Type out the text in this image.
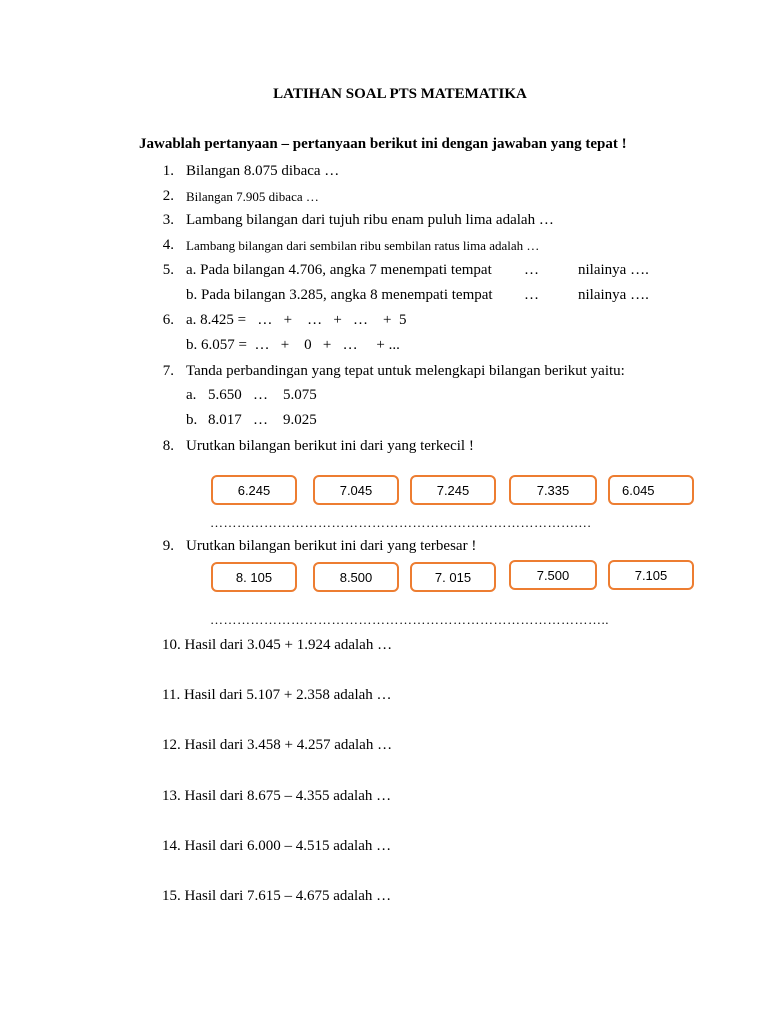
LATIHAN SOAL PTS MATEMATIKA
Jawablah pertanyaan – pertanyaan berikut ini dengan jawaban yang tepat !
1. Bilangan 8.075 dibaca …
2. Bilangan 7.905 dibaca …
3. Lambang bilangan dari tujuh ribu enam puluh lima adalah …
4. Lambang bilangan dari sembilan ribu sembilan ratus lima adalah …
5. a. Pada bilangan 4.706, angka 7 menempati tempat …	nilainya ….
b. Pada bilangan 3.285, angka 8 menempati tempat …	nilainya ….
6. a. 8.425 =   …   +    …   +   …    +  5
b. 6.057 =  …   +    0   +   …     + ...
7. Tanda perbandingan yang tepat untuk melengkapi bilangan berikut yaitu:
a. 5.650   …    5.075
b. 8.017   …    9.025
8. Urutkan bilangan berikut ini dari yang terkecil !
6.245	7.045	7.245	7.335	6.045
……………………………………………………………………….…
9. Urutkan bilangan berikut ini dari yang terbesar !
8. 105	8.500	7. 015	7.500	7.105
……………………………………………………………………………..
10. Hasil dari 3.045 + 1.924 adalah …
11. Hasil dari 5.107 + 2.358 adalah …
12. Hasil dari 3.458 + 4.257 adalah …
13. Hasil dari 8.675 – 4.355 adalah …
14. Hasil dari 6.000 – 4.515 adalah …
15. Hasil dari 7.615 – 4.675 adalah …
